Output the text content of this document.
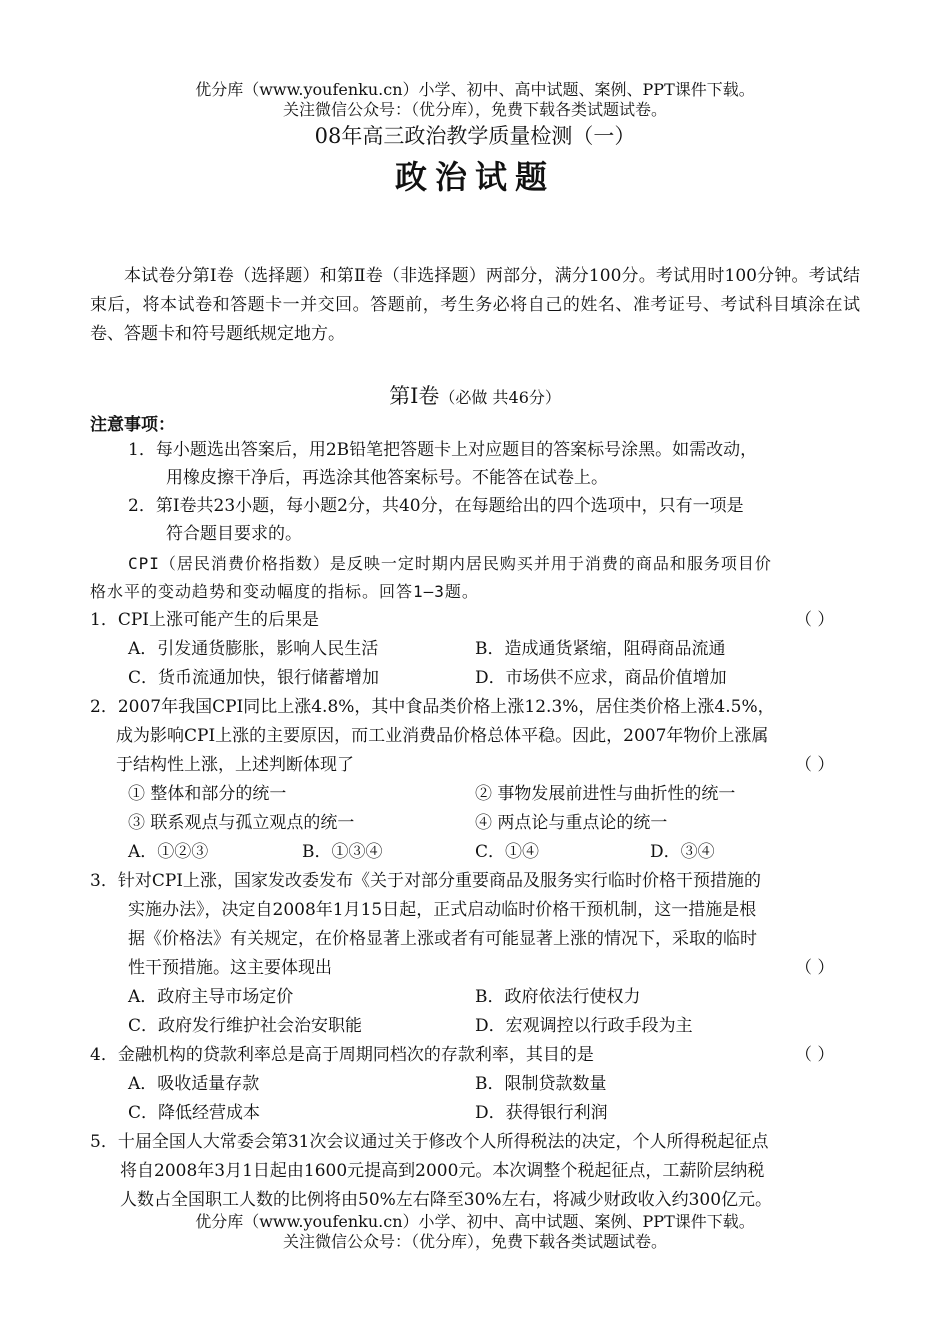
优分库（www.youfenku.cn）小学、初中、高中试题、案例、PPT课件下载。
关注微信公众号：（优分库），免费下载各类试题试卷。
08年高三政治教学质量检测（一）
政治试题
本试卷分第Ⅰ卷（选择题）和第Ⅱ卷（非选择题）两部分，满分100分。考试用时100分钟。考试结束后，将本试卷和答题卡一并交回。答题前，考生务必将自己的姓名、准考证号、考试科目填涂在试卷、答题卡和符号题纸规定地方。
第Ⅰ卷（必做 共46分）
注意事项：
1．每小题选出答案后，用2B铅笔把答题卡上对应题目的答案标号涂黑。如需改动，
用橡皮擦干净后，再选涂其他答案标号。不能答在试卷上。
2．第Ⅰ卷共23小题，每小题2分，共40分，在每题给出的四个选项中，只有一项是
符合题目要求的。
CPI（居民消费价格指数）是反映一定时期内居民购买并用于消费的商品和服务项目价
格水平的变动趋势和变动幅度的指标。回答1—3题。
1．CPI上涨可能产生的后果是	（ ）
A．引发通货膨胀，影响人民生活	B．造成通货紧缩，阻碍商品流通
C．货币流通加快，银行储蓄增加	D．市场供不应求，商品价值增加
2．2007年我国CPI同比上涨4.8%，其中食品类价格上涨12.3%，居住类价格上涨4.5%，
成为影响CPI上涨的主要原因，而工业消费品价格总体平稳。因此，2007年物价上涨属
于结构性上涨，上述判断体现了	（ ）
① 整体和部分的统一	② 事物发展前进性与曲折性的统一
③ 联系观点与孤立观点的统一	④ 两点论与重点论的统一
A．①②③	B．①③④	C．①④	D．③④
3．针对CPI上涨，国家发改委发布《关于对部分重要商品及服务实行临时价格干预措施的
实施办法》，决定自2008年1月15日起，正式启动临时价格干预机制，这一措施是根
据《价格法》有关规定，在价格显著上涨或者有可能显著上涨的情况下，采取的临时
性干预措施。这主要体现出	（ ）
A．政府主导市场定价	B．政府依法行使权力
C．政府发行维护社会治安职能	D．宏观调控以行政手段为主
4．金融机构的贷款利率总是高于周期同档次的存款利率，其目的是	（ ）
A．吸收适量存款	B．限制贷款数量
C．降低经营成本	D．获得银行利润
5．十届全国人大常委会第31次会议通过关于修改个人所得税法的决定，个人所得税起征点
将自2008年3月1日起由1600元提高到2000元。本次调整个税起征点，工薪阶层纳税
人数占全国职工人数的比例将由50%左右降至30%左右，将减少财政收入约300亿元。
优分库（www.youfenku.cn）小学、初中、高中试题、案例、PPT课件下载。
关注微信公众号：（优分库），免费下载各类试题试卷。
